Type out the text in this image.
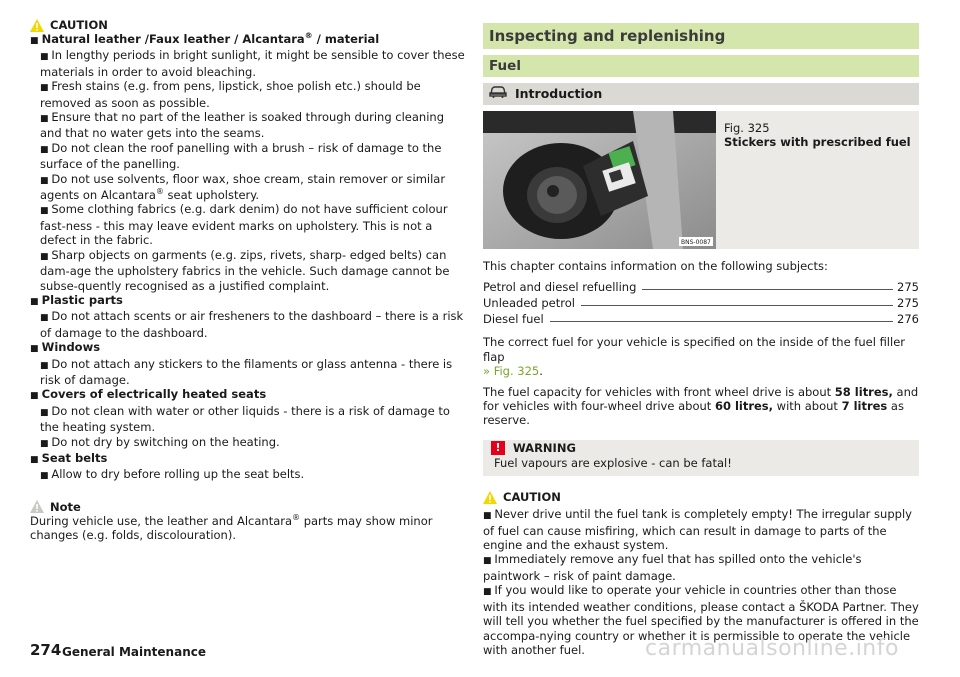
CAUTION

■ Natural leather /Faux leather / Alcantara® / material

■ In lengthy periods in bright sunlight, it might be sensible to cover these materials in order to avoid bleaching.

■ Fresh stains (e.g. from pens, lipstick, shoe polish etc.) should be removed as soon as possible.

■ Ensure that no part of the leather is soaked through during cleaning and that no water gets into the seams.

■ Do not clean the roof panelling with a brush – risk of damage to the surface of the panelling.

■ Do not use solvents, floor wax, shoe cream, stain remover or similar agents on Alcantara® seat upholstery.

■ Some clothing fabrics (e.g. dark denim) do not have sufficient colour fast-ness - this may leave evident marks on upholstery. This is not a defect in the fabric.

■ Sharp objects on garments (e.g. zips, rivets, sharp- edged belts) can dam-age the upholstery fabrics in the vehicle. Such damage cannot be subse-quently recognised as a justified complaint.

■ Plastic parts

■ Do not attach scents or air fresheners to the dashboard – there is a risk of damage to the dashboard.

■ Windows

■ Do not attach any stickers to the filaments or glass antenna - there is risk of damage.

■ Covers of electrically heated seats

■ Do not clean with water or other liquids - there is a risk of damage to the heating system.

■ Do not dry by switching on the heating.

■ Seat belts

■ Allow to dry before rolling up the seat belts.

Note

During vehicle use, the leather and Alcantara® parts may show minor changes (e.g. folds, discolouration).

Inspecting and replenishing
Fuel
Introduction
BNS-0087

Fig. 325

Stickers with prescribed fuel

This chapter contains information on the following subjects:

Petrol and diesel refuelling	275
Unleaded petrol	275
Diesel fuel	276

The correct fuel for your vehicle is specified on the inside of the fuel filler flap
» Fig. 325.

The fuel capacity for vehicles with front wheel drive is about 58 litres, and for vehicles with four-wheel drive about 60 litres, with about 7 litres as reserve.

!	WARNING

Fuel vapours are explosive - can be fatal!

CAUTION

■ Never drive until the fuel tank is completely empty! The irregular supply of fuel can cause misfiring, which can result in damage to parts of the engine and the exhaust system.

■ Immediately remove any fuel that has spilled onto the vehicle's paintwork – risk of paint damage.

■ If you would like to operate your vehicle in countries other than those with its intended weather conditions, please contact a ŠKODA Partner. They will tell you whether the fuel specified by the manufacturer is offered in the accompa-nying country or whether it is permissible to operate the vehicle with another fuel.

274 General Maintenance	carmanualsonline.info
